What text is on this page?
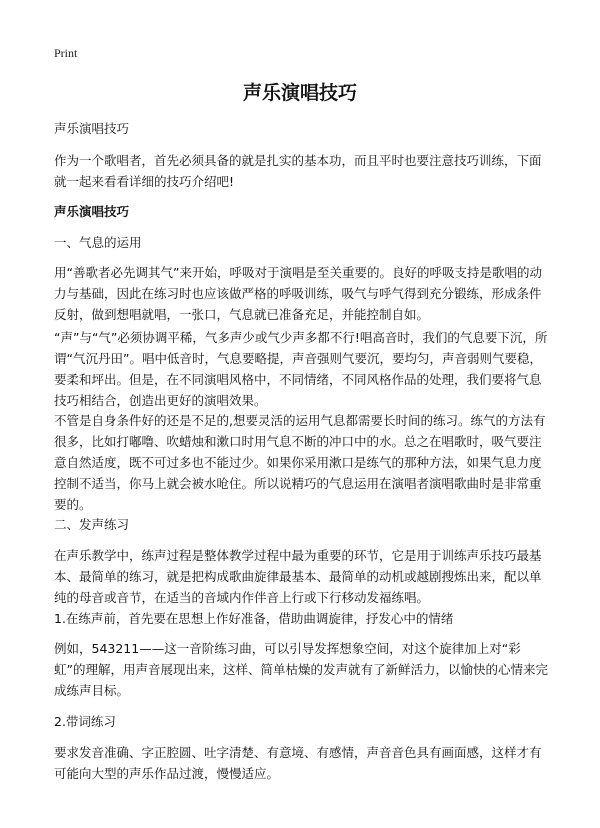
Print
声乐演唱技巧

声乐演唱技巧

作为一个歌唱者，首先必须具备的就是扎实的基本功，而且平时也要注意技巧训练，下面就一起来看看详细的技巧介绍吧!

声乐演唱技巧

一、气息的运用

用“善歌者必先调其气”来开始，呼吸对于演唱是至关重要的。良好的呼吸支持是歌唱的动力与基础，因此在练习时也应该做严格的呼吸训练，吸气与呼气得到充分锻练，形成条件反射，做到想唱就唱，一张口，气息就已准备充足，并能控制自如。

“声”与“气”必须协调平稀，气多声少或气少声多都不行!唱高音时，我们的气息要下沉，所谓“气沉丹田”。唱中低音时，气息要略提，声音强则气要沉，要均匀，声音弱则气要稳，要柔和坪出。但是，在不同演唱风格中，不同情绪，不同风格作品的处理，我们要将气息技巧相结合，创造出更好的演唱效果。

不管是自身条件好的还是不足的,想要灵活的运用气息都需要长时间的练习。练气的方法有很多，比如打嘟噜、吹蜡烛和漱口时用气息不断的冲口中的水。总之在唱歌时，吸气要注意自然适度，既不可过多也不能过少。如果你采用漱口是练气的那种方法，如果气息力度控制不适当，你马上就会被水呛住。所以说精巧的气息运用在演唱者演唱歌曲时是非常重要的。

二、发声练习

在声乐教学中，练声过程是整体教学过程中最为重要的环节，它是用于训练声乐技巧最基本、最简单的练习，就是把构成歌曲旋律最基本、最简单的动机或越剧搜炼出来，配以单纯的母音或音节，在适当的音域内作伴音上行或下行移动发福练唱。

1.在练声前，首先要在思想上作好准备，借助曲调旋律，抒发心中的情绪

例如，543211——这一音阶练习曲，可以引导发挥想象空间，对这个旋律加上对“彩虹”的理解，用声音展现出来，这样、简单枯燥的发声就有了新鲜活力，以愉快的心情来完成练声目标。

2.带词练习

要求发音准确、字正腔圆、吐字清楚、有意境、有感情，声音音色具有画面感，这样才有可能向大型的声乐作品过渡，慢慢适应。
